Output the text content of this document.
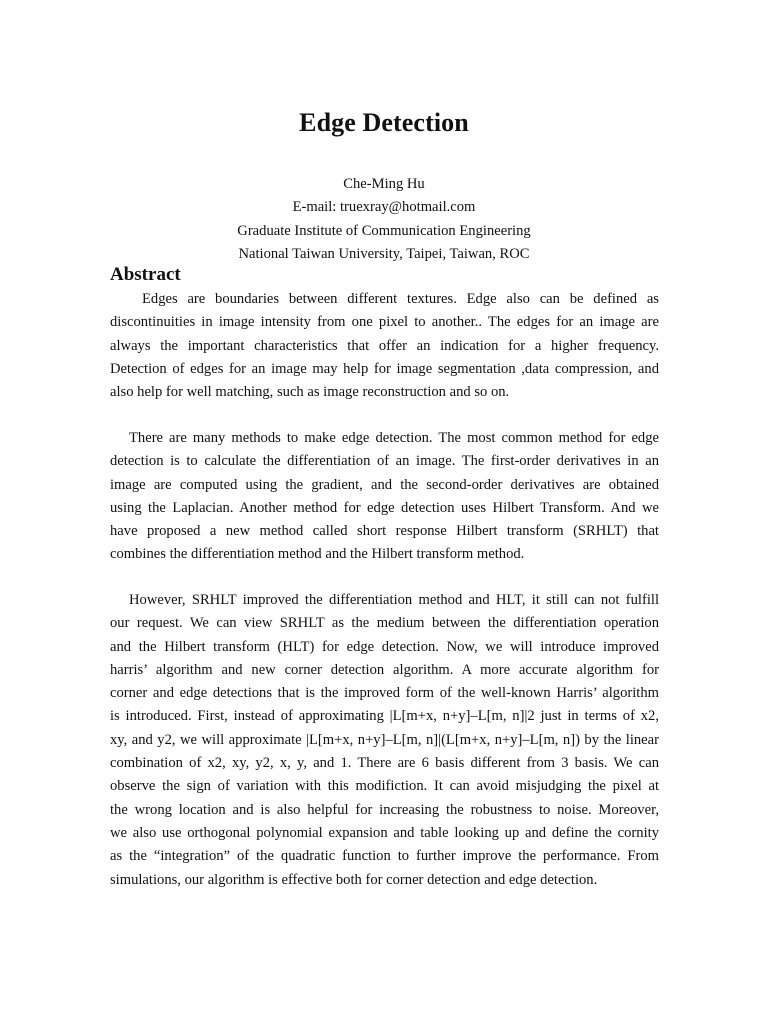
Edge Detection
Che-Ming Hu
E-mail: truexray@hotmail.com
Graduate Institute of Communication Engineering
National Taiwan University, Taipei, Taiwan, ROC
Abstract
Edges are boundaries between different textures. Edge also can be defined as
discontinuities in image intensity from one pixel to another.. The edges for an image are
always the important characteristics that offer an indication for a higher frequency.
Detection of edges for an image may help for image segmentation ,data compression, and
also help for well matching, such as image reconstruction and so on.
There are many methods to make edge detection. The most common method for edge
detection is to calculate the differentiation of an image. The first-order derivatives in an
image are computed using the gradient, and the second-order derivatives are obtained
using the Laplacian. Another method for edge detection uses Hilbert Transform. And we
have proposed a new method called short response Hilbert transform (SRHLT) that
combines the differentiation method and the Hilbert transform method.
However, SRHLT improved the differentiation method and HLT, it still can not fulfill
our request. We can view SRHLT as the medium between the differentiation operation
and the Hilbert transform (HLT) for edge detection. Now, we will introduce improved
harris’ algorithm and new corner detection algorithm. A more accurate algorithm for
corner and edge detections that is the improved form of the well-known Harris’ algorithm
is introduced. First, instead of approximating |L[m+x, n+y]–L[m, n]|2 just in terms of x2,
xy, and y2, we will approximate |L[m+x, n+y]–L[m, n]|(L[m+x, n+y]–L[m, n]) by the linear
combination of x2, xy, y2, x, y, and 1. There are 6 basis different from 3 basis. We can
observe the sign of variation with this modifiction. It can avoid misjudging the pixel at
the wrong location and is also helpful for increasing the robustness to noise. Moreover,
we also use orthogonal polynomial expansion and table looking up and define the cornity
as the “integration” of the quadratic function to further improve the performance. From
simulations, our algorithm is effective both for corner detection and edge detection.
